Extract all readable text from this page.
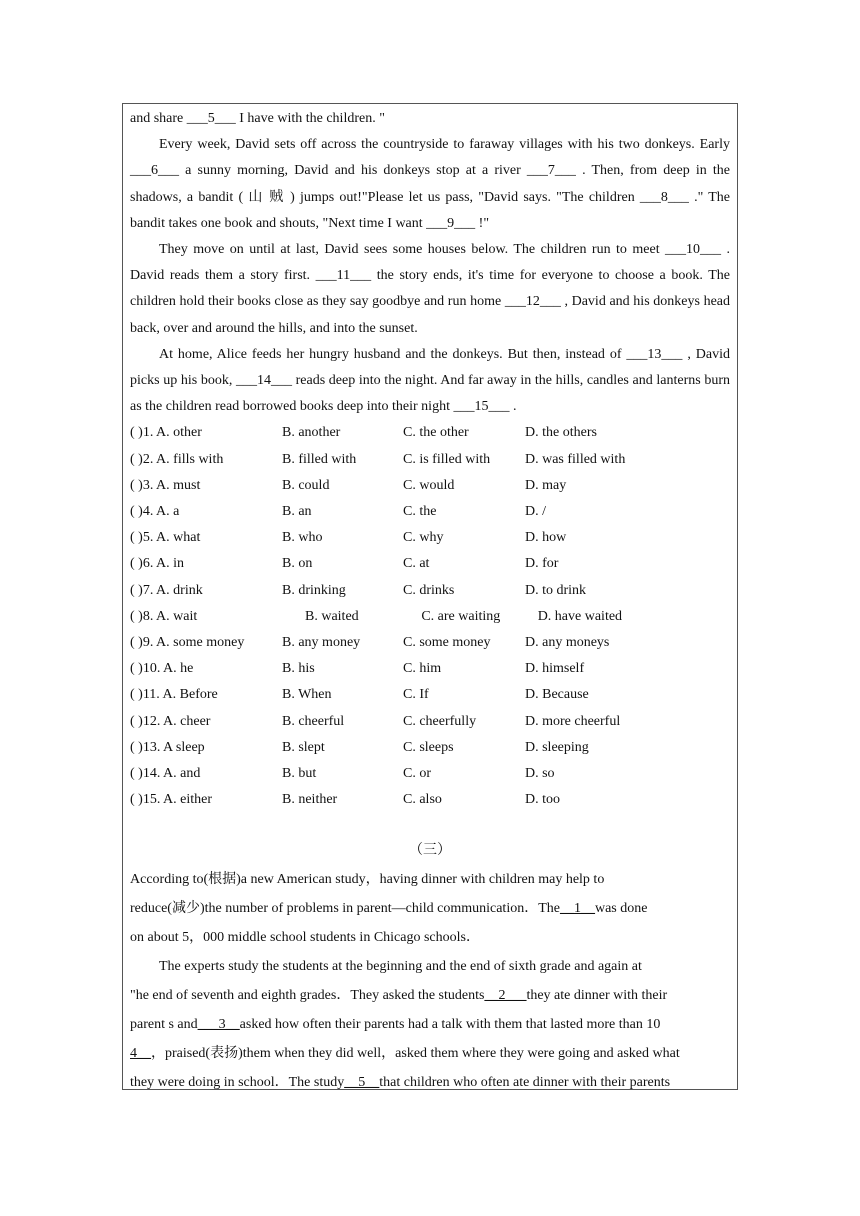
and share ___5___ I have with the children. "

Every week, David sets off across the countryside to faraway villages with his two donkeys. Early ___6___ a sunny morning, David and his donkeys stop at a river ___7___ . Then, from deep in the shadows, a bandit ( 山 贼 ) jumps out!"Please let us pass, "David says. "The children ___8___ ." The bandit takes one book and shouts, "Next time I want ___9___ !"

They move on until at last, David sees some houses below. The children run to meet ___10___ . David reads them a story first. ___11___ the story ends, it's time for everyone to choose a book. The children hold their books close as they say goodbye and run home ___12___ , David and his donkeys head back, over and around the hills, and into the sunset.

At home, Alice feeds her hungry husband and the donkeys. But then, instead of ___13___ , David picks up his book, ___14___ reads deep into the night. And far away in the hills, candles and lanterns burn as the children read borrowed books deep into their night ___15___ .

( )1. A. other	B. another	C. the other	D. the others
( )2. A. fills with	B. filled with	C. is filled with	D. was filled with
( )3. A. must	B. could	C. would	D. may
( )4. A. a	B. an	C. the	D. /
( )5. A. what	B. who	C. why	D. how
( )6. A. in	B. on	C. at	D. for
( )7. A. drink	B. drinking	C. drinks	D. to drink
( )8. A. wait	B. waited	C. are waiting	D. have waited
( )9. A. some money	B. any money	C. some money	D. any moneys
( )10. A. he	B. his	C. him	D. himself
( )11. A. Before	B. When	C. If	D. Because
( )12. A. cheer	B. cheerful	C. cheerfully	D. more cheerful
( )13. A sleep	B. slept	C. sleeps	D. sleeping
( )14. A. and	B. but	C. or	D. so
( )15. A. either	B. neither	C. also	D. too
（三）

According to(根据)a new American study，having dinner with children may help to

reduce(减少)the number of problems in parent—child communication．The__1__was done

on about 5，000 middle school students in Chicago schools．

The experts study the students at the beginning and the end of sixth grade and again at

"he end of seventh and eighth grades．They asked the students__2___they ate dinner with their

parent s and___3__asked how often their parents had a talk with them that lasted more than 10

4__，praised(表扬)them when they did well，asked them where they were going and asked what

they were doing in school．The study__5__that children who often ate dinner with their parents
